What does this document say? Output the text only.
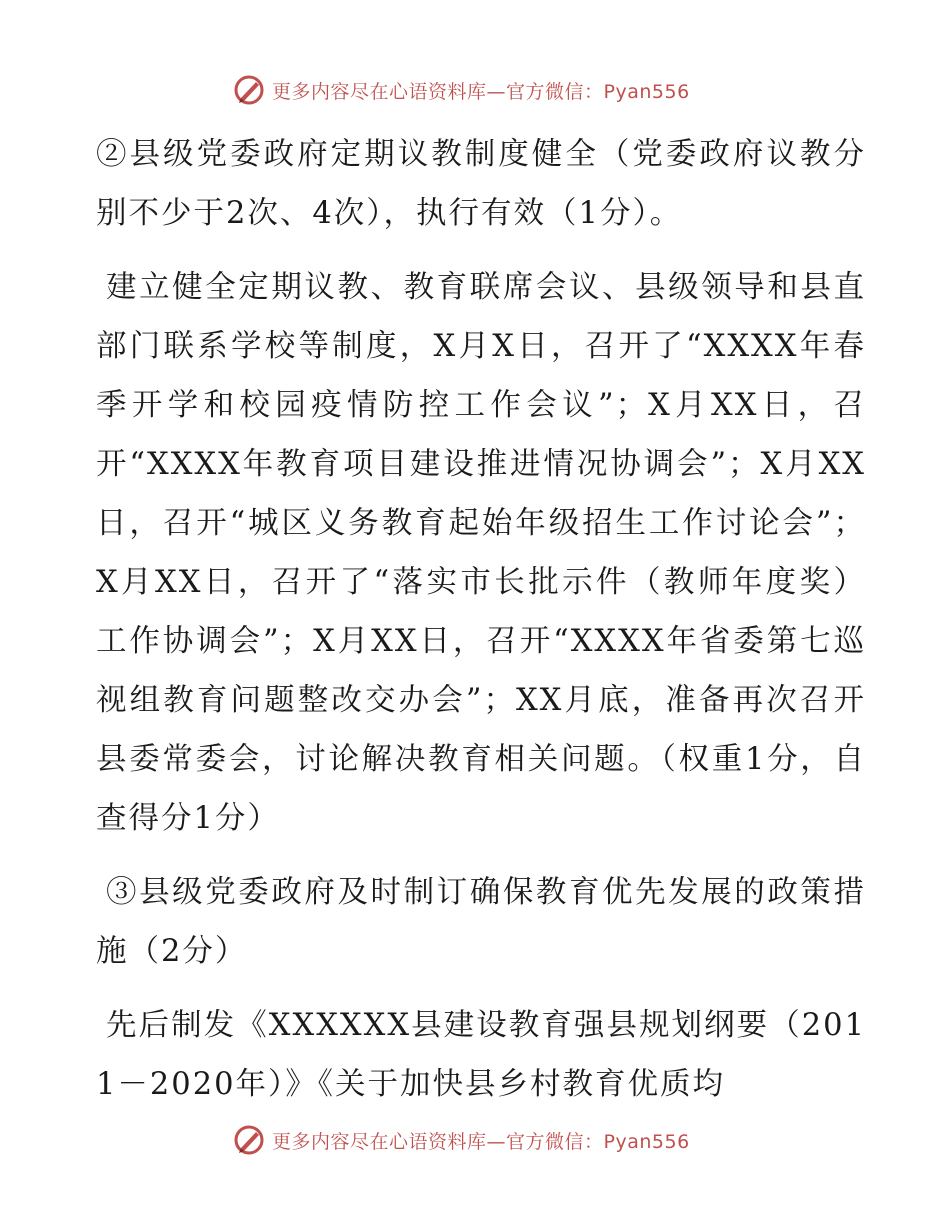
更多内容尽在心语资料库—官方微信：Pyan556

②县级党委政府定期议教制度健全（党委政府议教分别不少于2次、4次），执行有效（1分）。

建立健全定期议教、教育联席会议、县级领导和县直部门联系学校等制度，X月X日，召开了“XXXX年春季开学和校园疫情防控工作会议”；X月XX日，召开“XXXX年教育项目建设推进情况协调会”；X月XX日，召开“城区义务教育起始年级招生工作讨论会”；X月XX日，召开了“落实市长批示件（教师年度奖）工作协调会”；X月XX日，召开“XXXX年省委第七巡视组教育问题整改交办会”；XX月底，准备再次召开县委常委会，讨论解决教育相关问题。（权重1分，自查得分1分）

③县级党委政府及时制订确保教育优先发展的政策措施（2分）

先后制发《XXXXXX县建设教育强县规划纲要（2011－2020年）》《关于加快县乡村教育优质均

更多内容尽在心语资料库—官方微信：Pyan556
